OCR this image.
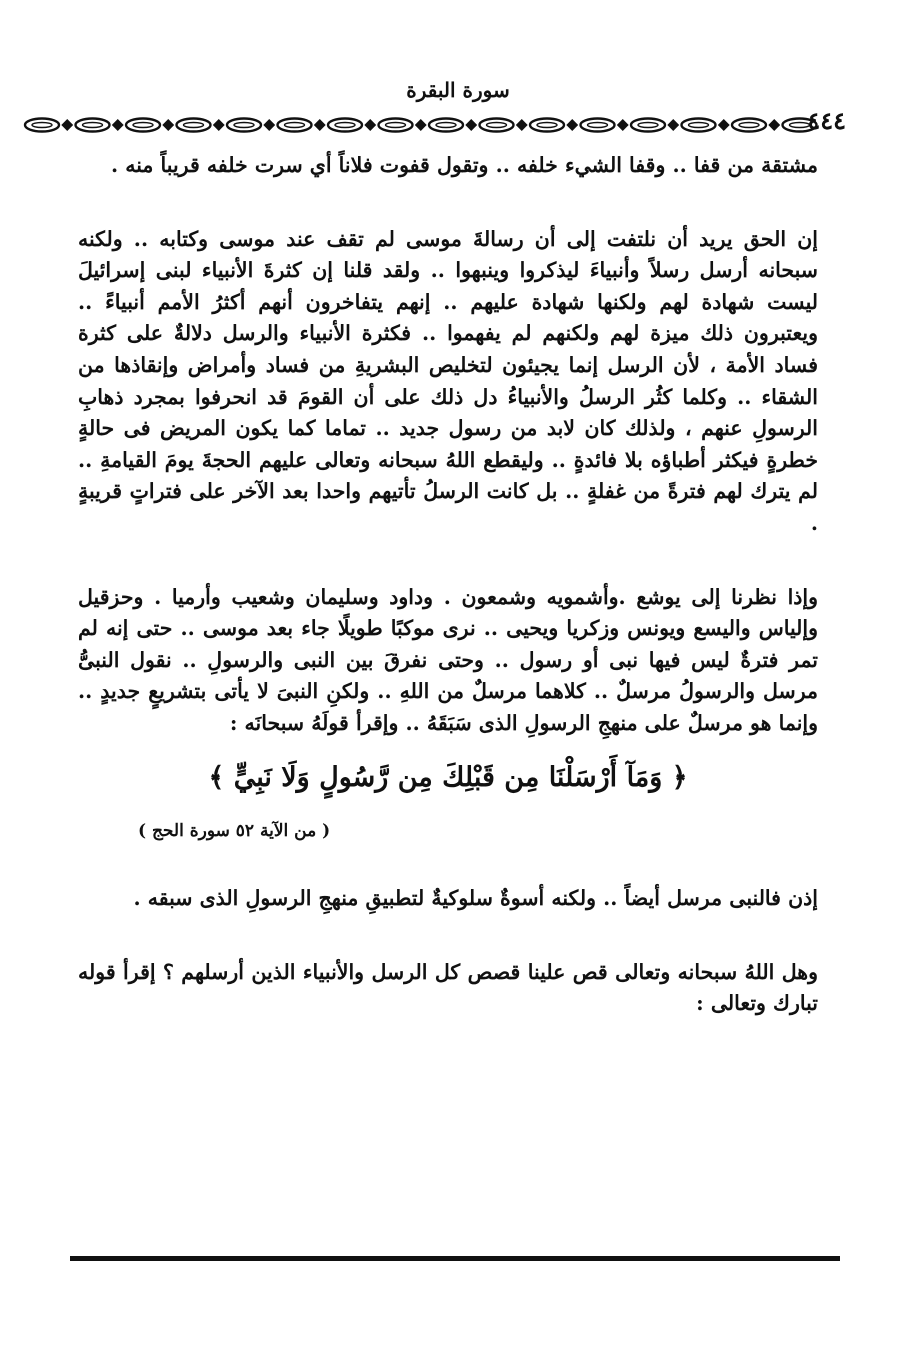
سورة البقرة
٤٤٤

مشتقة من قفا .. وقفا الشيء خلفه .. وتقول قفوت فلاناً أي سرت خلفه قريباً منه .

إن الحق يريد أن نلتفت إلى أن رسالةَ موسى لم تقف عند موسى وكتابه .. ولكنه سبحانه أرسل رسلاً وأنبياءَ ليذكروا وينبهوا .. ولقد قلنا إن كثرةَ الأنبياء لبنى إسرائيلَ ليست شهادة لهم ولكنها شهادة عليهم .. إنهم يتفاخرون أنهم أكثرُ الأمم أنبياءً .. ويعتبرون ذلك ميزة لهم ولكنهم لم يفهموا .. فكثرة الأنبياء والرسل دلالةٌ على كثرة فساد الأمة ، لأن الرسل إنما يجيئون لتخليص البشريةِ من فساد وأمراض وإنقاذها من الشقاء .. وكلما كثُر الرسلُ والأنبياءُ دل ذلك على أن القومَ قد انحرفوا بمجرد ذهابِ الرسولِ عنهم ، ولذلك كان لابد من رسول جديد .. تماما كما يكون المريض فى حالةٍ خطرةٍ فيكثر أطباؤه بلا فائدةٍ .. وليقطع اللهُ سبحانه وتعالى عليهم الحجةَ يومَ القيامةِ .. لم يترك لهم فترةً من غفلةٍ .. بل كانت الرسلُ تأتيهم واحدا بعد الآخر على فتراتٍ قريبةٍ .

وإذا نظرنا إلى يوشع .وأشمويه وشمعون . وداود وسليمان وشعيب وأرميا . وحزقيل وإلياس واليسع ويونس وزكريا ويحيى .. نرى موكبًا طويلًا جاء بعد موسى .. حتى إنه لم تمر فترةٌ ليس فيها نبى أو رسول .. وحتى نفرقَ بين النبى والرسولِ .. نقول النبىُّ مرسل والرسولُ مرسلٌ .. كلاهما مرسلٌ من اللهِ .. ولكنِ النبىَ لا يأتى بتشريعٍ جديدٍ .. وإنما هو مرسلٌ على منهجِ الرسولِ الذى سَبَقَهُ .. وإقرأ قولَهُ سبحانَه :

﴿ وَمَآ أَرْسَلْنَا مِن قَبْلِكَ مِن رَّسُولٍ وَلَا نَبِيٍّ ﴾
( من الآية ٥٢ سورة الحج )

إذن فالنبى مرسل أيضاً .. ولكنه أسوةٌ سلوكيةٌ لتطبيقِ منهجِ الرسولِ الذى سبقه .

وهل اللهُ سبحانه وتعالى قص علينا قصص كل الرسل والأنبياء الذين أرسلهم ؟ إقرأ قوله تبارك وتعالى :
